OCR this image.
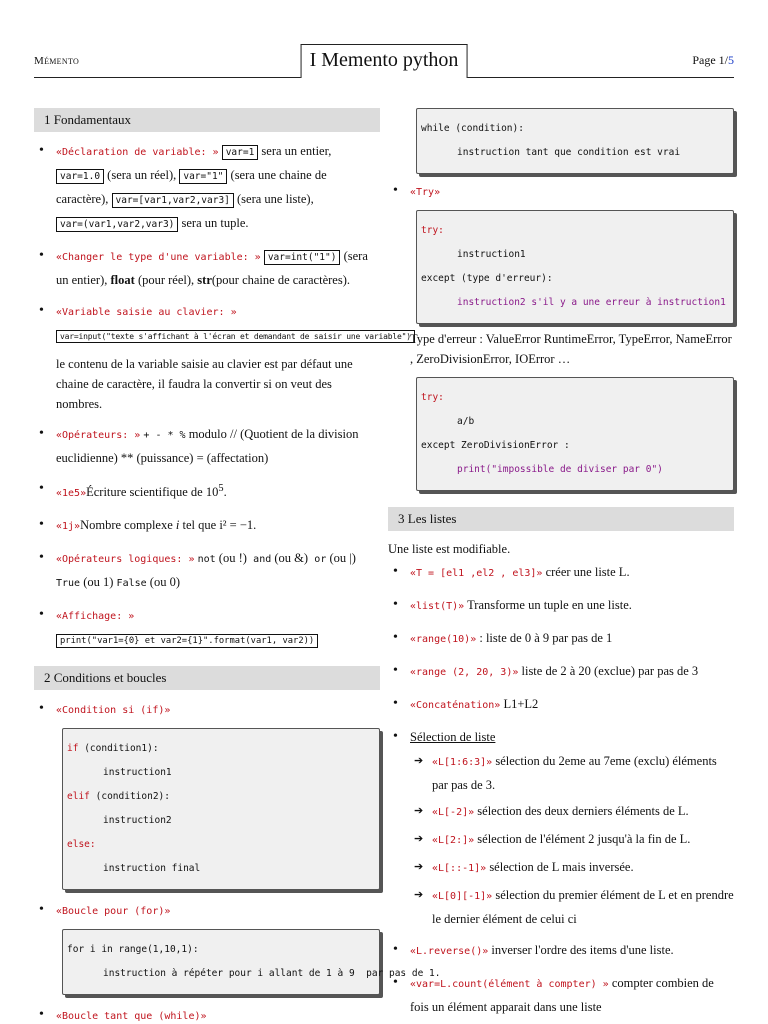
Mémento	I Memento python	Page 1/5
1 Fondamentaux
• «Déclaration de variable: » var=1 sera un entier, var=1.0 (sera un réel), var="1" (sera une chaine de caractère), var=[var1,var2,var3] (sera une liste), var=(var1,var2,var3) sera un tuple.
• «Changer le type d'une variable: » var=int("1") (sera un entier), float (pour réel), str(pour chaine de caractères).
• «Variable saisie au clavier: »
var=input("texte s'affichant à l'écran et demandant de saisir une variable")
le contenu de la variable saisie au clavier est par défaut une chaine de caractère, il faudra la convertir si on veut des nombres.
• «Opérateurs: » + - * % modulo // (Quotient de la division euclidienne) ** (puissance) = (affectation)
• «1e5»Écriture scientifique de $10^5$.
• «1j»Nombre complexe i tel que i² = −1.
• «Opérateurs logiques: » not (ou !) and (ou &) or (ou |)  True (ou 1) False (ou 0)
• «Affichage: » print("var1={0} et var2={1}".format(var1, var2))
2 Conditions et boucles
• «Condition si (if)»
if (condition1):
instruction1
elif (condition2):
instruction2
else:
instruction final
• «Boucle pour (for)»
for i in range(1,10,1):
instruction à répéter pour i allant de 1 à 9  par pas de 1.
• «Boucle tant que (while)»
while (condition):
instruction tant que condition est vrai
• «Try»
try:
instruction1
except (type d'erreur):
instruction2 s'il y a une erreur à instruction1
Type d'erreur : ValueError RuntimeError, TypeError, NameError , ZeroDivisionError, IOError …
try:
a/b
except ZeroDivisionError :
print("impossible de diviser par 0")
3 Les listes
Une liste est modifiable.
• «T = [el1 ,el2 , el3]» créer une liste L.
• «list(T)» Transforme un tuple en une liste.
• «range(10)» : liste de 0 à 9 par pas de 1
• «range (2, 20, 3)» liste de 2 à 20 (exclue) par pas de 3
• «Concaténation» L1+L2
• Sélection de liste
➔ «L[1:6:3]» sélection du 2eme au 7eme (exclu) éléments par pas de 3.
➔ «L[-2]» sélection des deux derniers éléments de L.
➔ «L[2:]» sélection de l'élément 2 jusqu'à la fin de L.
➔ «L[::-1]» sélection de L mais inversée.
➔ «L[0][-1]» sélection du premier élément de L et en prendre le dernier élément de celui ci
• «L.reverse()» inverser l'ordre des items d'une liste.
• «var=L.count(élément à compter) » compter combien de fois un élément apparait dans une liste
